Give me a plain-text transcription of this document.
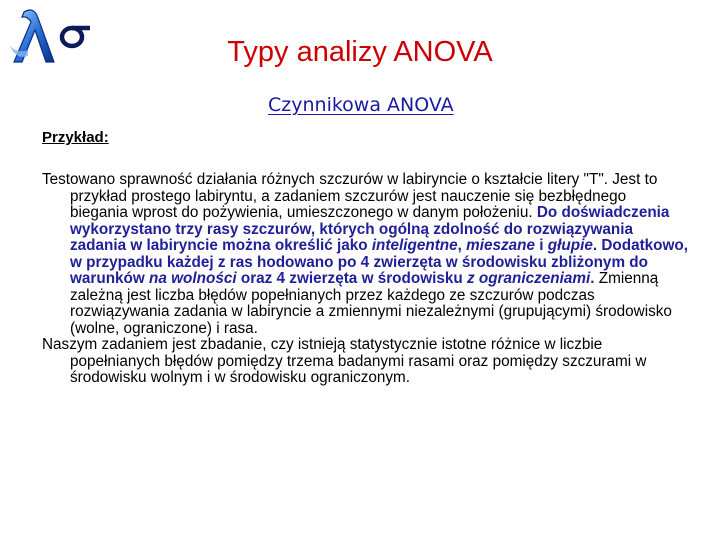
Typy analizy ANOVA
Czynnikowa ANOVA
Przykład:

Testowano sprawność działania różnych szczurów w labiryncie o kształcie litery "T". Jest to przykład prostego labiryntu, a zadaniem szczurów jest nauczenie się bezbłędnego biegania wprost do pożywienia, umieszczonego w danym położeniu. Do doświadczenia wykorzystano trzy rasy szczurów, których ogólną zdolność do rozwiązywania zadania w labiryncie można określić jako inteligentne, mieszane i głupie. Dodatkowo, w przypadku każdej z ras hodowano po 4 zwierzęta w środowisku zbliżonym do warunków na wolności oraz 4 zwierzęta w środowisku z ograniczeniami. Zmienną zależną jest liczba błędów popełnianych przez każdego ze szczurów podczas rozwiązywania zadania w labiryncie a zmiennymi niezależnymi (grupującymi) środowisko (wolne, ograniczone) i rasa.

Naszym zadaniem jest zbadanie, czy istnieją statystycznie istotne różnice w liczbie popełnianych błędów pomiędzy trzema badanymi rasami oraz pomiędzy szczurami w środowisku wolnym i w środowisku ograniczonym.
